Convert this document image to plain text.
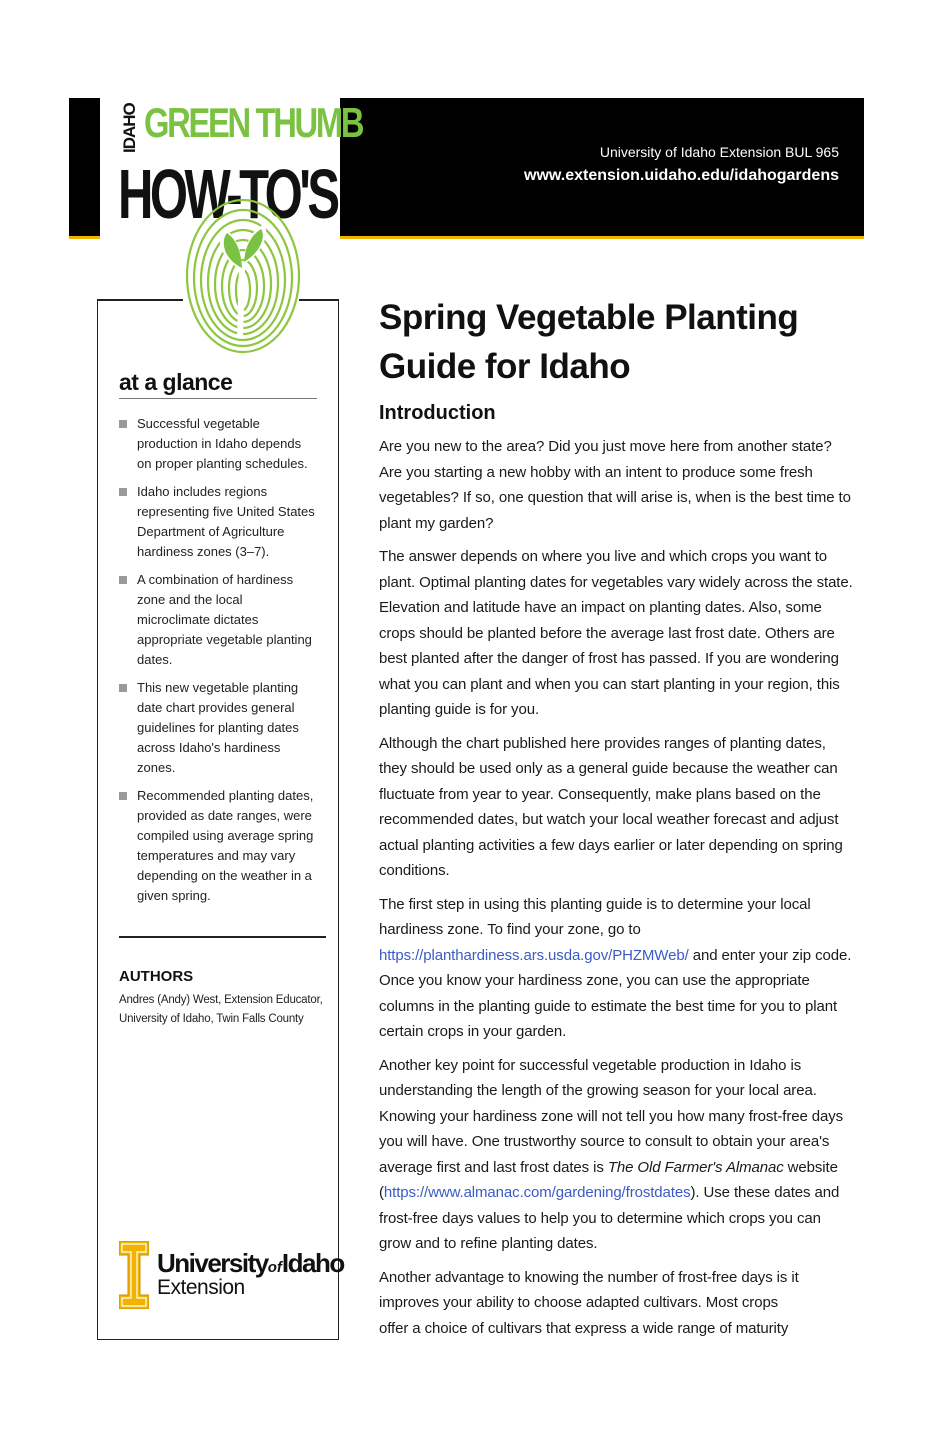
University of Idaho Extension BUL 965
www.extension.uidaho.edu/idahogardens
IDAHO GREEN THUMB
HOW-TO'S
at a glance
Successful vegetable production in Idaho depends on proper planting schedules.
Idaho includes regions representing five United States Department of Agriculture hardiness zones (3–7).
A combination of hardiness zone and the local microclimate dictates appropriate vegetable planting dates.
This new vegetable planting date chart provides general guidelines for planting dates across Idaho's hardiness zones.
Recommended planting dates, provided as date ranges, were compiled using average spring temperatures and may vary depending on the weather in a given spring.
AUTHORS
Andres (Andy) West, Extension Educator, University of Idaho, Twin Falls County
UniversityofIdaho
Extension
Spring Vegetable Planting Guide for Idaho
Introduction

Are you new to the area? Did you just move here from another state? Are you starting a new hobby with an intent to produce some fresh vegetables? If so, one question that will arise is, when is the best time to plant my garden?

The answer depends on where you live and which crops you want to plant. Optimal planting dates for vegetables vary widely across the state. Elevation and latitude have an impact on planting dates. Also, some crops should be planted before the average last frost date. Others are best planted after the danger of frost has passed. If you are wondering what you can plant and when you can start planting in your region, this planting guide is for you.

Although the chart published here provides ranges of planting dates, they should be used only as a general guide because the weather can fluctuate from year to year. Consequently, make plans based on the recommended dates, but watch your local weather forecast and adjust actual planting activities a few days earlier or later depending on spring conditions.

The first step in using this planting guide is to determine your local hardiness zone. To find your zone, go to https://planthardiness.ars.usda.gov/PHZMWeb/ and enter your zip code. Once you know your hardiness zone, you can use the appropriate columns in the planting guide to estimate the best time for you to plant certain crops in your garden.

Another key point for successful vegetable production in Idaho is understanding the length of the growing season for your local area. Knowing your hardiness zone will not tell you how many frost-free days you will have. One trustworthy source to consult to obtain your area's average first and last frost dates is The Old Farmer's Almanac website (https://www.almanac.com/gardening/frostdates). Use these dates and frost-free days values to help you to determine which crops you can grow and to refine planting dates.

Another advantage to knowing the number of frost-free days is it improves your ability to choose adapted cultivars. Most crops offer a choice of cultivars that express a wide range of maturity
